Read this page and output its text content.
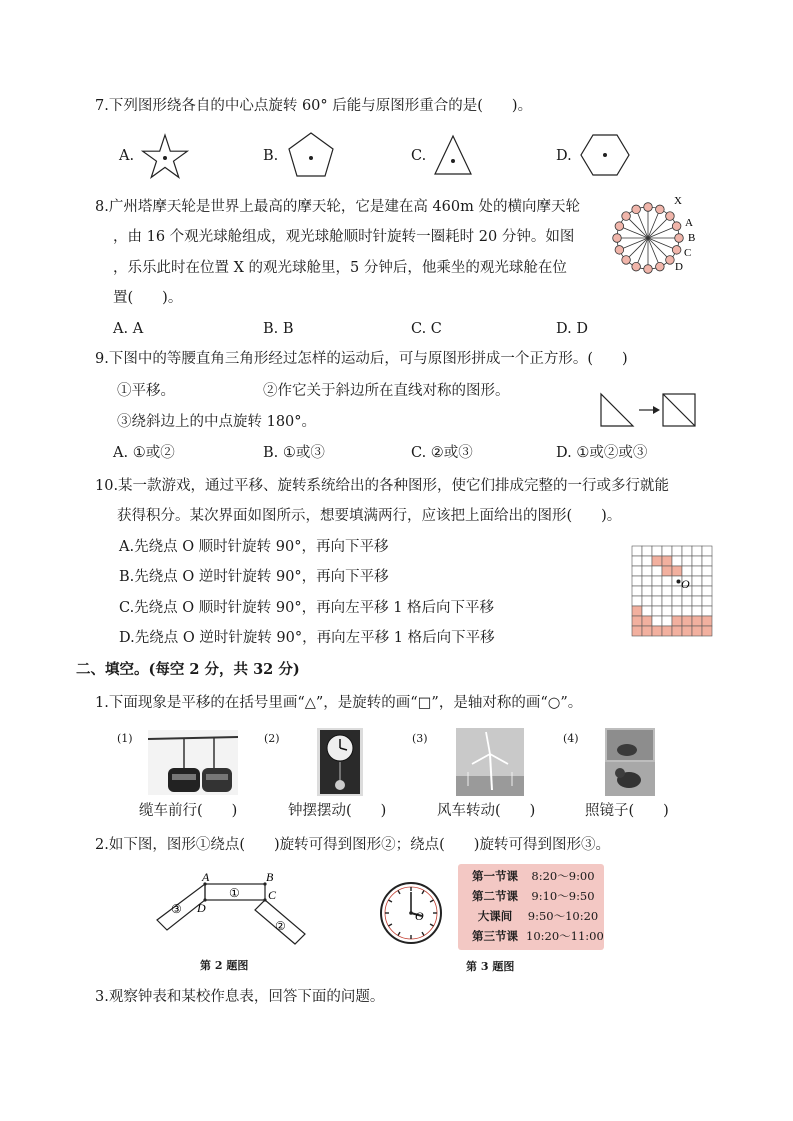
7.下列图形绕各自的中心点旋转 60° 后能与原图形重合的是(　　)。
A.	B.	C.	D.
8.广州塔摩天轮是世界上最高的摩天轮，它是建在高 460m 处的横向摩天轮
，由 16 个观光球舱组成，观光球舱顺时针旋转一圈耗时 20 分钟。如图
，乐乐此时在位置 X 的观光球舱里，5 分钟后，他乘坐的观光球舱在位
置(　　)。
X
A
B
C
D
A. A	B. B	C. C	D. D
9.下图中的等腰直角三角形经过怎样的运动后，可与原图形拼成一个正方形。(　　)
①平移。	②作它关于斜边所在直线对称的图形。
③绕斜边上的中点旋转 180°。
A. ①或②	B. ①或③	C. ②或③	D. ①或②或③
10.某一款游戏，通过平移、旋转系统给出的各种图形，使它们排成完整的一行或多行就能
获得积分。某次界面如图所示，想要填满两行，应该把上面给出的图形(　　)。
A.先绕点 O 顺时针旋转 90°，再向下平移
B.先绕点 O 逆时针旋转 90°，再向下平移
C.先绕点 O 顺时针旋转 90°，再向左平移 1 格后向下平移
D.先绕点 O 逆时针旋转 90°，再向左平移 1 格后向下平移
O
二、填空。(每空 2 分，共 32 分)
1.下面现象是平移的在括号里画“△”，是旋转的画“□”，是轴对称的画“○”。
(1)
缆车前行(　　)
(2)
钟摆摆动(　　)
(3)
风车转动(　　)
(4)
照镜子(　　)
2.如下图，图形①绕点(　　)旋转可得到图形②；绕点(　　)旋转可得到图形③。
A	B
C
D
①
②
③
第 2 题图
O
第一节课 8:20～9:00
第二节课 9:10～9:50
大课间 9:50～10:20
第三节课 10:20～11:00
第 3 题图
3.观察钟表和某校作息表，回答下面的问题。
